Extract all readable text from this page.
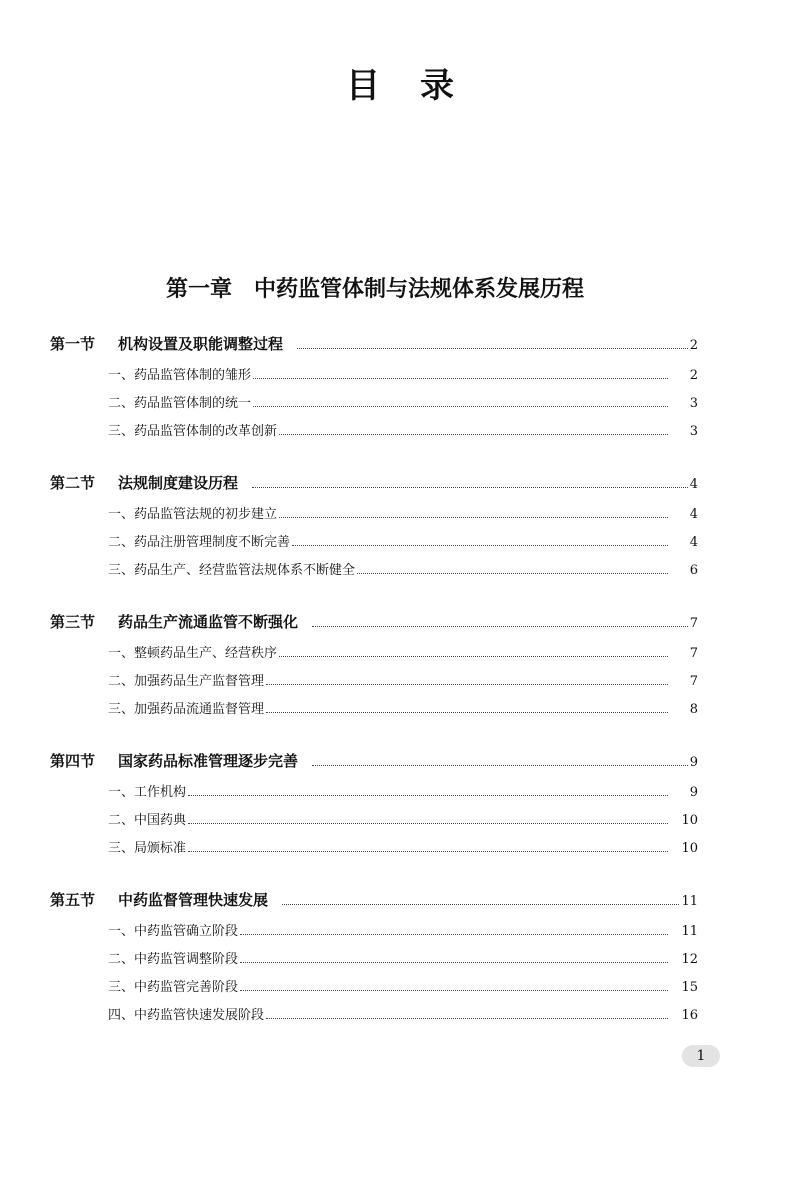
目 录
第一章 中药监管体制与法规体系发展历程
第一节	机构设置及职能调整过程	2
一、药品监管体制的雏形	2
二、药品监管体制的统一	3
三、药品监管体制的改革创新	3
第二节	法规制度建设历程	4
一、药品监管法规的初步建立	4
二、药品注册管理制度不断完善	4
三、药品生产、经营监管法规体系不断健全	6
第三节	药品生产流通监管不断强化	7
一、整顿药品生产、经营秩序	7
二、加强药品生产监督管理	7
三、加强药品流通监督管理	8
第四节	国家药品标准管理逐步完善	9
一、工作机构	9
二、中国药典	10
三、局颁标准	10
第五节	中药监督管理快速发展	11
一、中药监管确立阶段	11
二、中药监管调整阶段	12
三、中药监管完善阶段	15
四、中药监管快速发展阶段	16
1
